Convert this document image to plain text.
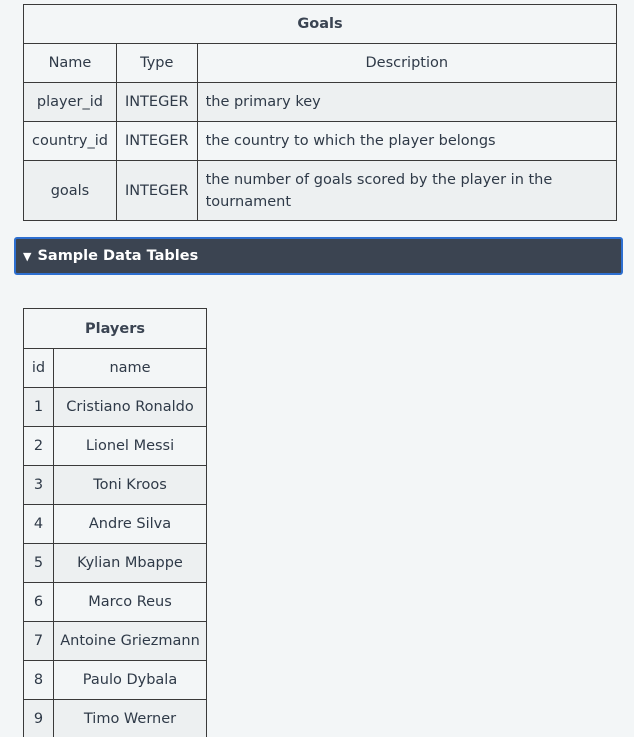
Goals		
Name	Type	Description
player_id	INTEGER	the primary key
country_id	INTEGER	the country to which the player belongs
goals	INTEGER	the number of goals scored by the player in the tournament
▼ Sample Data Tables
Players	
id	name
1	Cristiano Ronaldo
2	Lionel Messi
3	Toni Kroos
4	Andre Silva
5	Kylian Mbappe
6	Marco Reus
7	Antoine Griezmann
8	Paulo Dybala
9	Timo Werner
